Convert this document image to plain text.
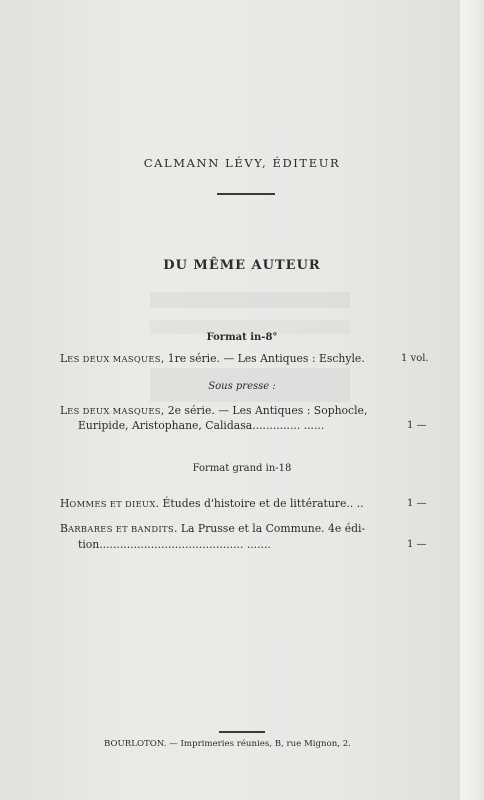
CALMANN LÉVY, ÉDITEUR
DU MÊME AUTEUR
Format in-8°
LES DEUX MASQUES, 1re série. — Les Antiques : Eschyle.	1 vol.
Sous presse :
LES DEUX MASQUES, 2e série. — Les Antiques : Sophocle,
Euripide, Aristophane, Calidasa.............. ......	1 —
Format grand in-18
HOMMES ET DIEUX. Études d'histoire et de littérature.. ..	1 —
BARBARES ET BANDITS. La Prusse et la Commune. 4e édi-
tion.......................................... .......	1 —
BOURLOTON. — Imprimeries réunies, B, rue Mignon, 2.
